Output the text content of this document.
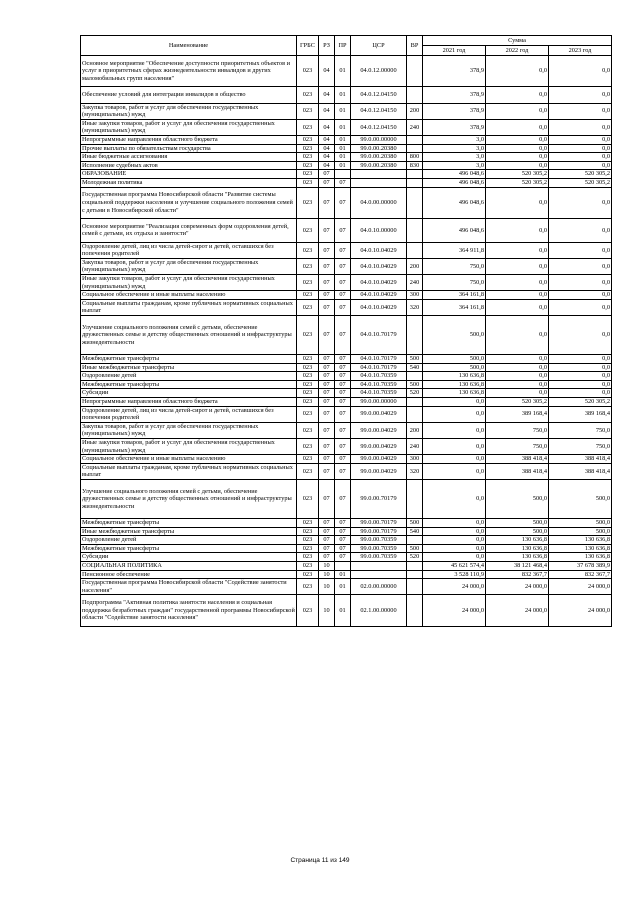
Наименование	ГРБС	РЗ	ПР	ЦСР	ВР	Сумма		
						2021 год	2022 год	2023 год
Основное мероприятие "Обеспечение доступности приоритетных объектов и услуг в приоритетных сферах жизнедеятельности инвалидов и других маломобильных групп населения"	023	04	01	04.0.12.00000		378,9	0,0	0,0
Обеспечение условий для интеграции инвалидов в общество	023	04	01	04.0.12.04150		378,9	0,0	0,0
Закупка товаров, работ и услуг для обеспечения государственных (муниципальных) нужд	023	04	01	04.0.12.04150	200	378,9	0,0	0,0
Иные закупки товаров, работ и услуг для обеспечения государственных (муниципальных) нужд	023	04	01	04.0.12.04150	240	378,9	0,0	0,0
Непрограммные направления областного бюджета	023	04	01	99.0.00.00000		3,0	0,0	0,0
Прочие выплаты по обязательствам государства	023	04	01	99.0.00.20380		3,0	0,0	0,0
Иные бюджетные ассигнования	023	04	01	99.0.00.20380	800	3,0	0,0	0,0
Исполнение судебных актов	023	04	01	99.0.00.20380	830	3,0	0,0	0,0
ОБРАЗОВАНИЕ	023	07				496 048,6	520 305,2	520 305,2
Молодежная политика	023	07	07			496 048,6	520 305,2	520 305,2
Государственная программа Новосибирской области "Развитие системы социальной поддержки населения и улучшение социального положения семей с детьми в Новосибирской области"	023	07	07	04.0.00.00000		496 048,6	0,0	0,0
Основное мероприятие "Реализация современных форм оздоровления детей, семей с детьми, их отдыха и занятости"	023	07	07	04.0.10.00000		496 048,6	0,0	0,0
Оздоровление детей, лиц из числа детей-сирот и детей, оставшихся без попечения родителей	023	07	07	04.0.10.04029		364 911,8	0,0	0,0
Закупка товаров, работ и услуг для обеспечения государственных (муниципальных) нужд	023	07	07	04.0.10.04029	200	750,0	0,0	0,0
Иные закупки товаров, работ и услуг для обеспечения государственных (муниципальных) нужд	023	07	07	04.0.10.04029	240	750,0	0,0	0,0
Социальное обеспечение и иные выплаты населению	023	07	07	04.0.10.04029	300	364 161,8	0,0	0,0
Социальные выплаты гражданам, кроме публичных нормативных социальных выплат	023	07	07	04.0.10.04029	320	364 161,8	0,0	0,0
Улучшение социального положения семей с детьми, обеспечение дружественных семье и детству общественных отношений и инфраструктуры жизнедеятельности	023	07	07	04.0.10.70179		500,0	0,0	0,0
Межбюджетные трансферты	023	07	07	04.0.10.70179	500	500,0	0,0	0,0
Иные межбюджетные трансферты	023	07	07	04.0.10.70179	540	500,0	0,0	0,0
Оздоровление детей	023	07	07	04.0.10.70359		130 636,8	0,0	0,0
Межбюджетные трансферты	023	07	07	04.0.10.70359	500	130 636,8	0,0	0,0
Субсидии	023	07	07	04.0.10.70359	520	130 636,8	0,0	0,0
Непрограммные направления областного бюджета	023	07	07	99.0.00.00000		0,0	520 305,2	520 305,2
Оздоровление детей, лиц из числа детей-сирот и детей, оставшихся без попечения родителей	023	07	07	99.0.00.04029		0,0	389 168,4	389 168,4
Закупка товаров, работ и услуг для обеспечения государственных (муниципальных) нужд	023	07	07	99.0.00.04029	200	0,0	750,0	750,0
Иные закупки товаров, работ и услуг для обеспечения государственных (муниципальных) нужд	023	07	07	99.0.00.04029	240	0,0	750,0	750,0
Социальное обеспечение и иные выплаты населению	023	07	07	99.0.00.04029	300	0,0	388 418,4	388 418,4
Социальные выплаты гражданам, кроме публичных нормативных социальных выплат	023	07	07	99.0.00.04029	320	0,0	388 418,4	388 418,4
Улучшение социального положения семей с детьми, обеспечение дружественных семье и детству общественных отношений и инфраструктуры жизнедеятельности	023	07	07	99.0.00.70179		0,0	500,0	500,0
Межбюджетные трансферты	023	07	07	99.0.00.70179	500	0,0	500,0	500,0
Иные межбюджетные трансферты	023	07	07	99.0.00.70179	540	0,0	500,0	500,0
Оздоровление детей	023	07	07	99.0.00.70359		0,0	130 636,8	130 636,8
Межбюджетные трансферты	023	07	07	99.0.00.70359	500	0,0	130 636,8	130 636,8
Субсидии	023	07	07	99.0.00.70359	520	0,0	130 636,8	130 636,8
СОЦИАЛЬНАЯ ПОЛИТИКА	023	10				45 621 574,4	38 121 468,4	37 678 389,9
Пенсионное обеспечение	023	10	01			3 528 110,9	832 367,7	832 367,7
Государственная программа Новосибирской области "Содействие занятости населения"	023	10	01	02.0.00.00000		24 000,0	24 000,0	24 000,0
Подпрограмма "Активная политика занятости населения и социальная поддержка безработных граждан" государственной программы Новосибирской области "Содействие занятости населения"	023	10	01	02.1.00.00000		24 000,0	24 000,0	24 000,0
Страница 11 из 149
